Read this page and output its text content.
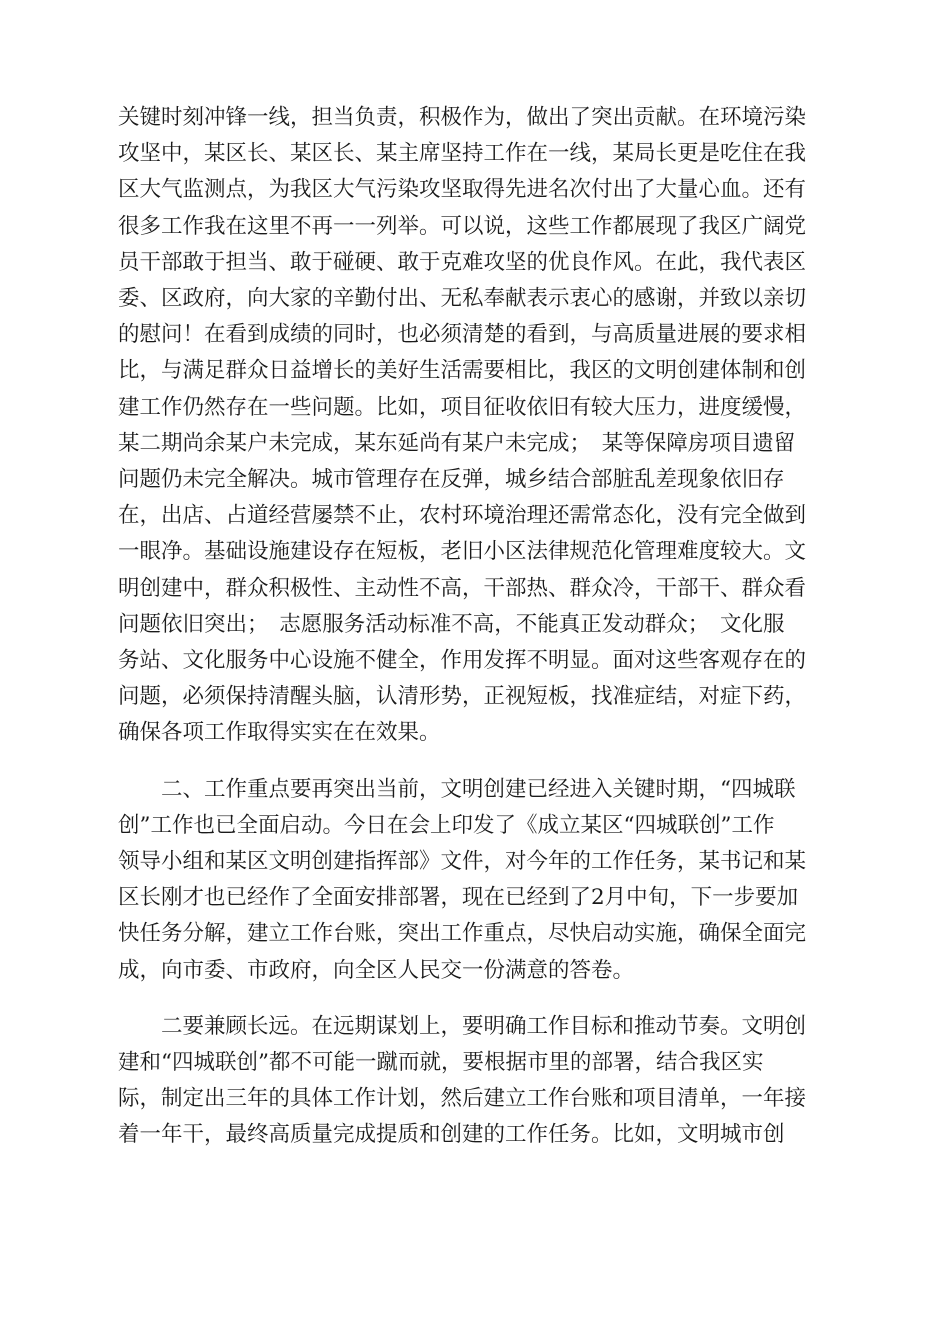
关键时刻冲锋一线，担当负责，积极作为，做出了突出贡献。在环境污染
攻坚中，某区长、某区长、某主席坚持工作在一线，某局长更是吃住在我
区大气监测点，为我区大气污染攻坚取得先进名次付出了大量心血。还有
很多工作我在这里不再一一列举。可以说，这些工作都展现了我区广阔党
员干部敢于担当、敢于碰硬、敢于克难攻坚的优良作风。在此，我代表区
委、区政府，向大家的辛勤付出、无私奉献表示衷心的感谢，并致以亲切
的慰问！在看到成绩的同时，也必须清楚的看到，与高质量进展的要求相
比，与满足群众日益增长的美好生活需要相比，我区的文明创建体制和创
建工作仍然存在一些问题。比如，项目征收依旧有较大压力，进度缓慢，
某二期尚余某户未完成，某东延尚有某户未完成；　某等保障房项目遗留
问题仍未完全解决。城市管理存在反弹，城乡结合部脏乱差现象依旧存
在，出店、占道经营屡禁不止，农村环境治理还需常态化，没有完全做到
一眼净。基础设施建设存在短板，老旧小区法律规范化管理难度较大。文
明创建中，群众积极性、主动性不高，干部热、群众冷，干部干、群众看
问题依旧突出；　志愿服务活动标准不高，不能真正发动群众；　文化服
务站、文化服务中心设施不健全，作用发挥不明显。面对这些客观存在的
问题，必须保持清醒头脑，认清形势，正视短板，找准症结，对症下药，
确保各项工作取得实实在在效果。
二、工作重点要再突出当前，文明创建已经进入关键时期，“四城联
创”工作也已全面启动。今日在会上印发了《成立某区“四城联创”工作
领导小组和某区文明创建指挥部》文件，对今年的工作任务，某书记和某
区长刚才也已经作了全面安排部署，现在已经到了2月中旬，下一步要加
快任务分解，建立工作台账，突出工作重点，尽快启动实施，确保全面完
成，向市委、市政府，向全区人民交一份满意的答卷。
二要兼顾长远。在远期谋划上，要明确工作目标和推动节奏。文明创
建和“四城联创”都不可能一蹴而就，要根据市里的部署，结合我区实
际，制定出三年的具体工作计划，然后建立工作台账和项目清单，一年接
着一年干，最终高质量完成提质和创建的工作任务。比如，文明城市创
